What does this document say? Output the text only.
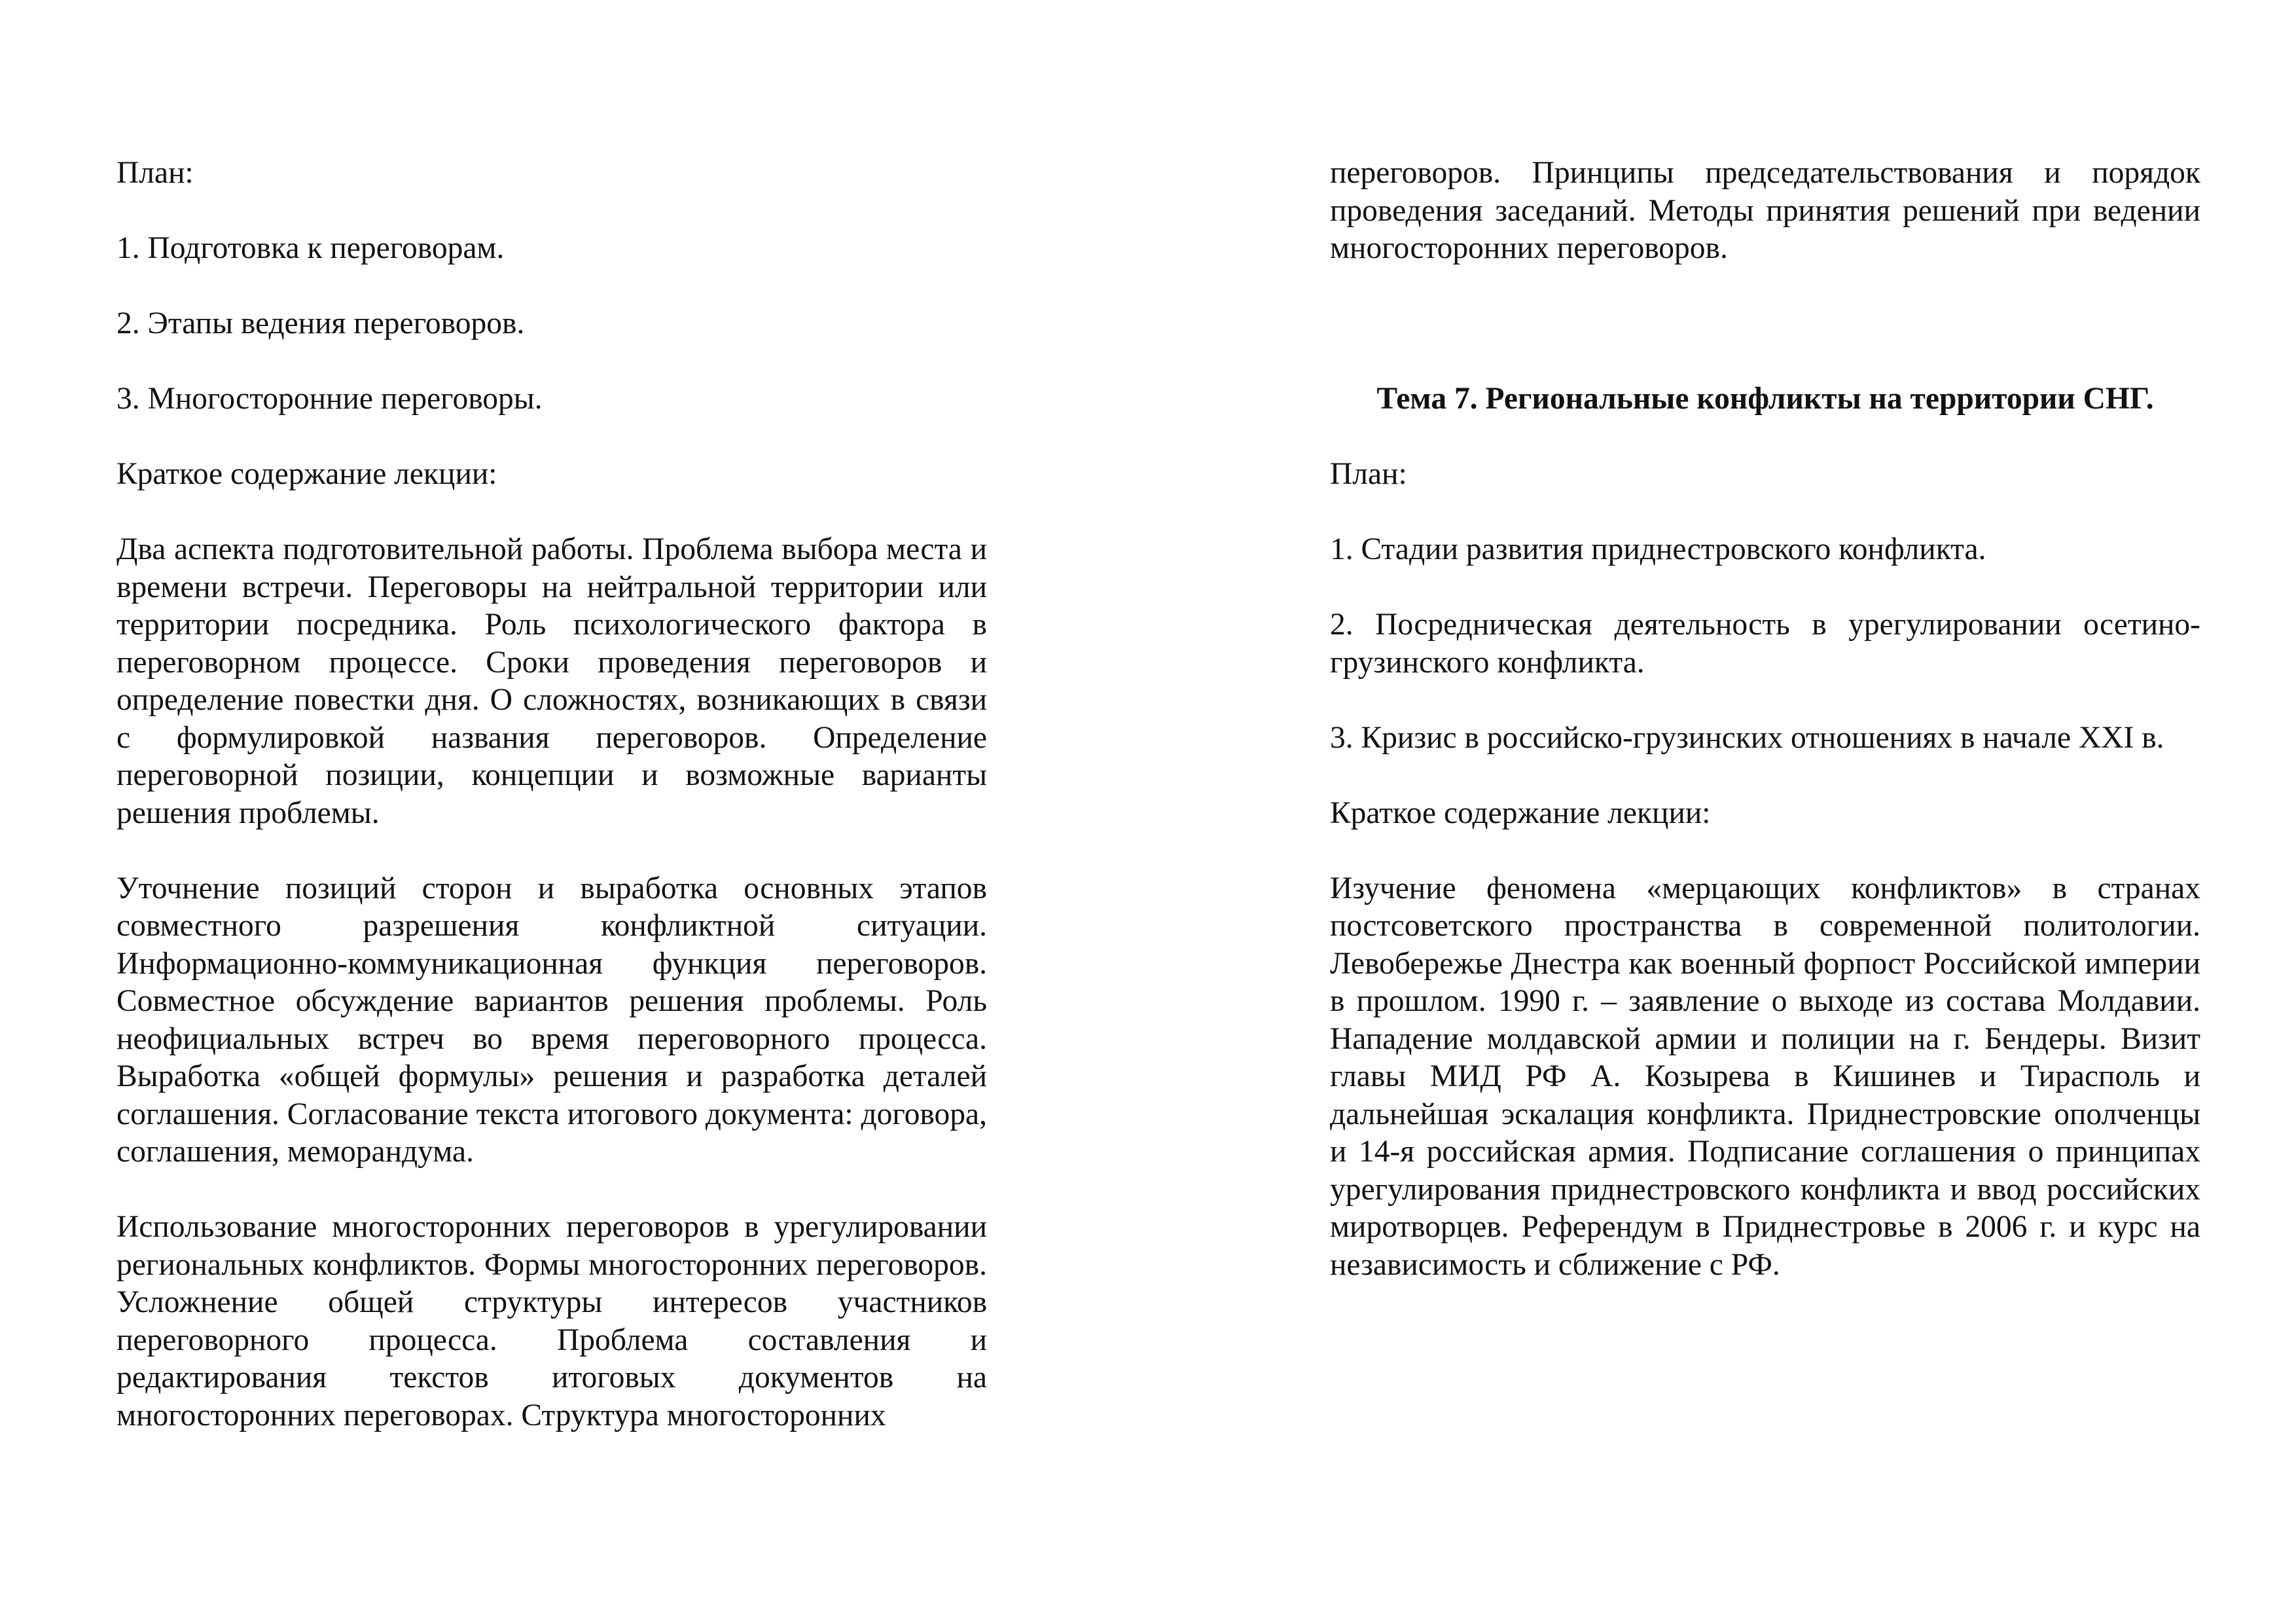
План:

1. Подготовка к переговорам.

2. Этапы ведения переговоров.

3. Многосторонние переговоры.

Краткое содержание лекции:

Два аспекта подготовительной работы. Проблема выбора места и времени встречи. Переговоры на нейтральной территории или территории посредника. Роль психологического фактора в переговорном процессе. Сроки проведения переговоров и определение повестки дня. О сложностях, возникающих в связи с формулировкой названия переговоров. Определение переговорной позиции, концепции и возможные варианты решения проблемы.

Уточнение позиций сторон и выработка основных этапов совместного разрешения конфликтной ситуации. Информационно-коммуникационная функция переговоров. Совместное обсуждение вариантов решения проблемы. Роль неофициальных встреч во время переговорного процесса. Выработка «общей формулы» решения и разработка деталей соглашения. Согласование текста итогового документа: договора, соглашения, меморандума.

Использование многосторонних переговоров в урегулировании региональных конфликтов. Формы многосторонних переговоров. Усложнение общей структуры интересов участников переговорного процесса. Проблема составления и редактирования текстов итоговых документов на многосторонних переговорах. Структура многосторонних

переговоров. Принципы председательствования и порядок проведения заседаний. Методы принятия решений при ведении многосторонних переговоров.

Тема 7. Региональные конфликты на территории СНГ.

План:

1. Стадии развития приднестровского конфликта.

2. Посредническая деятельность в урегулировании осетино-грузинского конфликта.

3. Кризис в российско-грузинских отношениях в начале XXI в.

Краткое содержание лекции:

Изучение феномена «мерцающих конфликтов» в странах постсоветского пространства в современной политологии. Левобережье Днестра как военный форпост Российской империи в прошлом. 1990 г. – заявление о выходе из состава Молдавии. Нападение молдавской армии и полиции на г. Бендеры. Визит главы МИД РФ А. Козырева в Кишинев и Тирасполь и дальнейшая эскалация конфликта. Приднестровские ополченцы и 14-я российская армия. Подписание соглашения о принципах урегулирования приднестровского конфликта и ввод российских миротворцев. Референдум в Приднестровье в 2006 г. и курс на независимость и сближение с РФ.
